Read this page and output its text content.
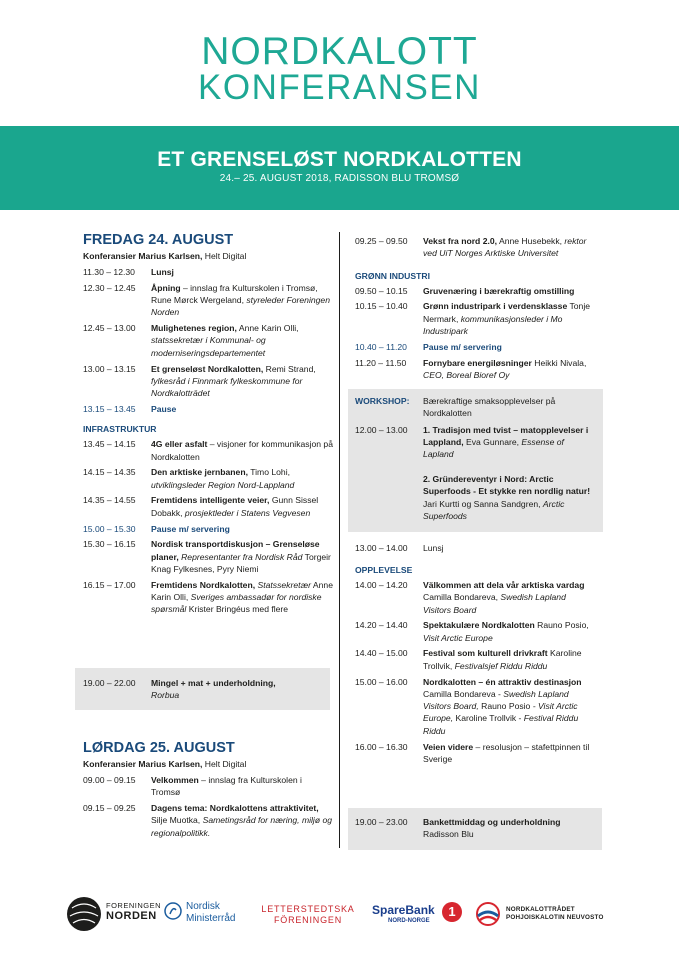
NORDKALOTT
KONFERANSEN
ET GRENSELØST NORDKALOTTEN
24.– 25. AUGUST 2018, RADISSON BLU TROMSØ
FREDAG 24. AUGUST
Konferansier Marius Karlsen, Helt Digital
11.30 – 12.30	Lunsj
12.30 – 12.45	Åpning – innslag fra Kulturskolen i Tromsø, Rune Mørck Wergeland, styreleder Foreningen Norden
12.45 – 13.00	Mulighetenes region, Anne Karin Olli, statssekretær i Kommunal- og moderniseringsdepartementet
13.00 – 13.15	Et grenseløst Nordkalotten, Remi Strand, fylkesråd i Finnmark fylkeskommune for Nordkalotträdet
13.15 – 13.45	Pause
INFRASTRUKTUR
13.45 – 14.15	4G eller asfalt – visjoner for kommunikasjon på Nordkalotten
14.15 – 14.35	Den arktiske jernbanen, Timo Lohi, utviklingsleder Region Nord-Lappland
14.35 – 14.55	Fremtidens intelligente veier, Gunn Sissel Dobakk, prosjektleder i Statens Vegvesen
15.00 – 15.30	Pause m/ servering
15.30 – 16.15	Nordisk transportdiskusjon – Grenseløse planer, Representanter fra Nordisk Råd Torgeir Knag Fylkesnes, Pyry Niemi
16.15 – 17.00	Fremtidens Nordkalotten, Statssekretær Anne Karin Olli, Sveriges ambassadør for nordiske spørsmål Krister Bringéus med flere
19.00 – 22.00	Mingel + mat + underholdning,
Rorbua
LØRDAG 25. AUGUST
Konferansier Marius Karlsen, Helt Digital
09.00 – 09.15	Velkommen – innslag fra Kulturskolen i Tromsø
09.15 – 09.25	Dagens tema: Nordkalottens attraktivitet, Silje Muotka, Sametingsråd for næring, miljø og regionalpolitikk.
09.25 – 09.50	Vekst fra nord 2.0, Anne Husebekk, rektor ved UiT Norges Arktiske Universitet
GRØNN INDUSTRI
09.50 – 10.15	Gruvenæring i bærekraftig omstilling
10.15 – 10.40	Grønn industripark i verdensklasse Tonje Nermark, kommunikasjonsleder i Mo Industripark
10.40 – 11.20	Pause m/ servering
11.20 – 11.50	Fornybare energiløsninger Heikki Nivala, CEO, Boreal Bioref Oy
WORKSHOP:	Bærekraftige smaksopplevelser på Nordkalotten
12.00 – 13.00	1. Tradisjon med tvist – matopplevelser i Lappland, Eva Gunnare, Essense of Lapland

2. Gründereventyr i Nord: Arctic Superfoods - Et stykke ren nordlig natur! Jari Kurtti og Sanna Sandgren, Arctic Superfoods
13.00 – 14.00	Lunsj
OPPLEVELSE
14.00 – 14.20	Välkommen att dela vår arktiska vardag Camilla Bondareva, Swedish Lapland Visitors Board
14.20 – 14.40	Spektakulære Nordkalotten Rauno Posio, Visit Arctic Europe
14.40 – 15.00	Festival som kulturell drivkraft Karoline Trollvik, Festivalsjef Riddu Riddu
15.00 – 16.00	Nordkalotten – én attraktiv destinasjon Camilla Bondareva - Swedish Lapland Visitors Board, Rauno Posio - Visit Arctic Europe, Karoline Trollvik - Festival Riddu Riddu
16.00 – 16.30	Veien videre – resolusjon – stafettpinnen til Sverige
19.00 – 23.00	Bankettmiddag og underholdning
Radisson Blu
FORENINGEN
NORDEN
Nordisk
Ministerråd
LETTERSTEDTSKA
FÖRENINGEN
SpareBank
NORD-NORGE
1	NORDKALOTTRÅDET
POHJOISKALOTIN NEUVOSTO
